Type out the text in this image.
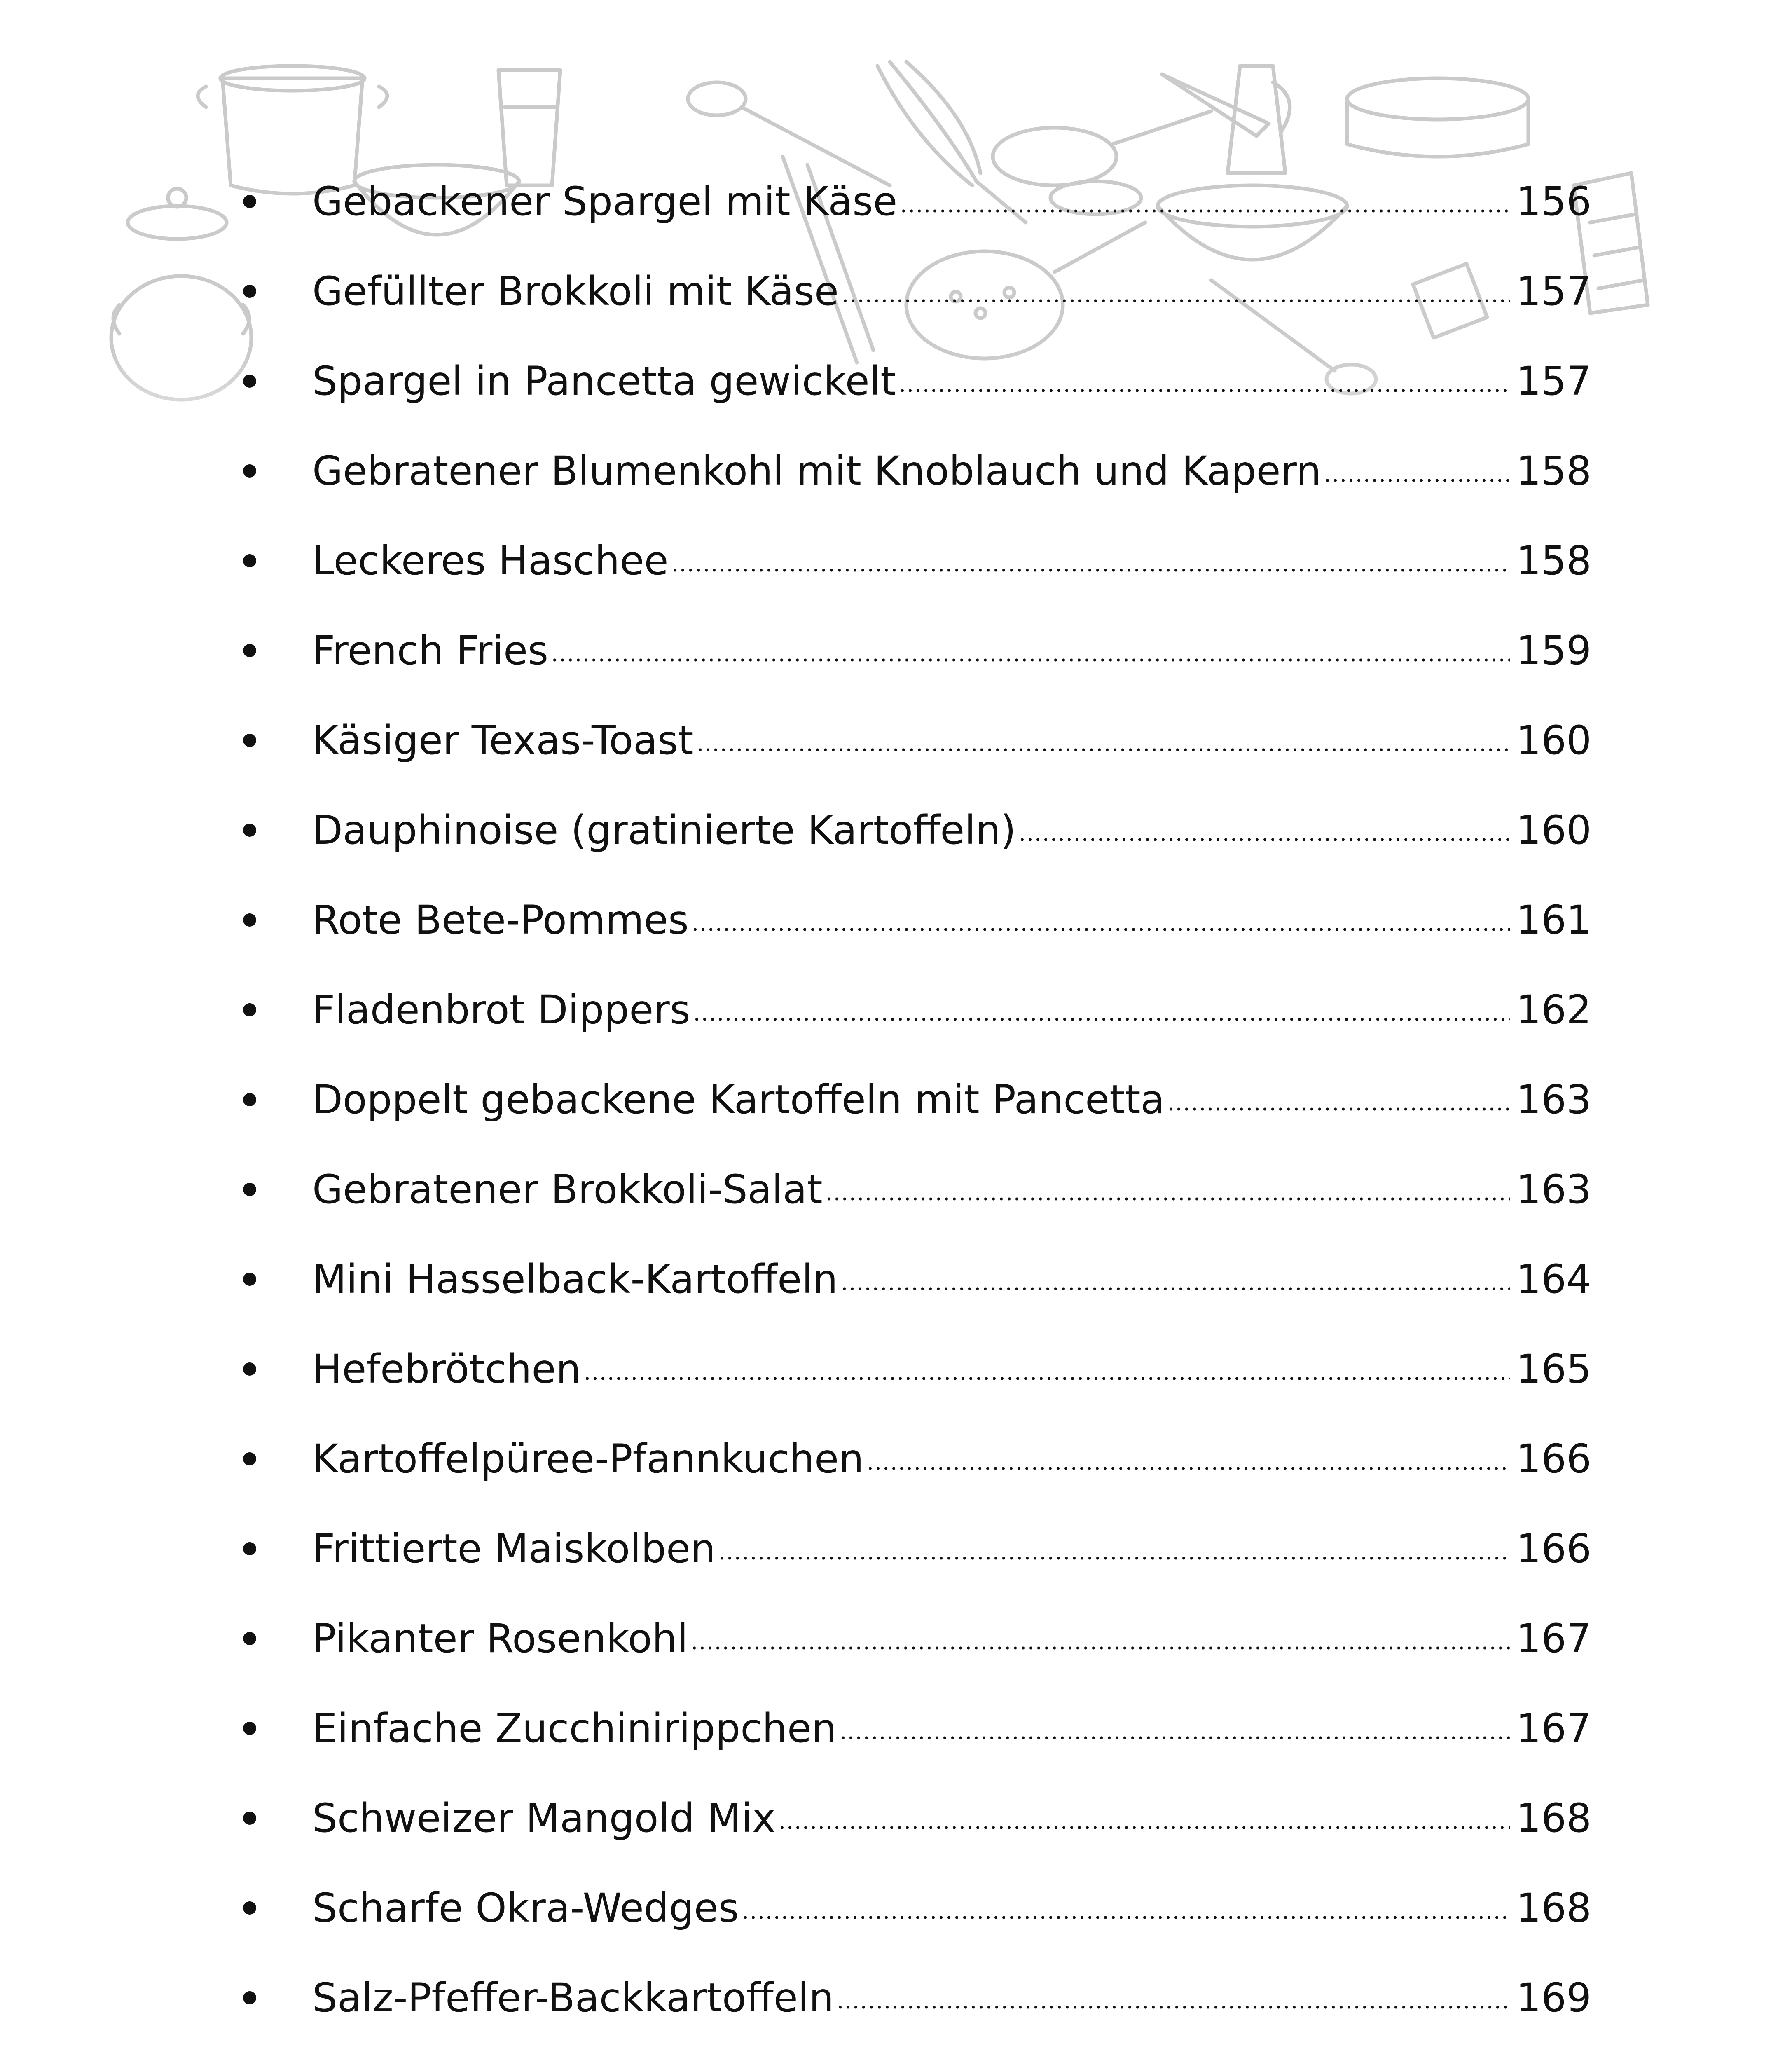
Gebackener Spargel mit Käse	156
Gefüllter Brokkoli mit Käse	157
Spargel in Pancetta gewickelt	157
Gebratener Blumenkohl mit Knoblauch und Kapern	158
Leckeres Haschee	158
French Fries	159
Käsiger Texas-Toast	160
Dauphinoise (gratinierte Kartoffeln)	160
Rote Bete-Pommes	161
Fladenbrot Dippers	162
Doppelt gebackene Kartoffeln mit Pancetta	163
Gebratener Brokkoli-Salat	163
Mini Hasselback-Kartoffeln	164
Hefebrötchen	165
Kartoffelpüree-Pfannkuchen	166
Frittierte Maiskolben	166
Pikanter Rosenkohl	167
Einfache Zucchinirippchen	167
Schweizer Mangold Mix	168
Scharfe Okra-Wedges	168
Salz-Pfeffer-Backkartoffeln	169
